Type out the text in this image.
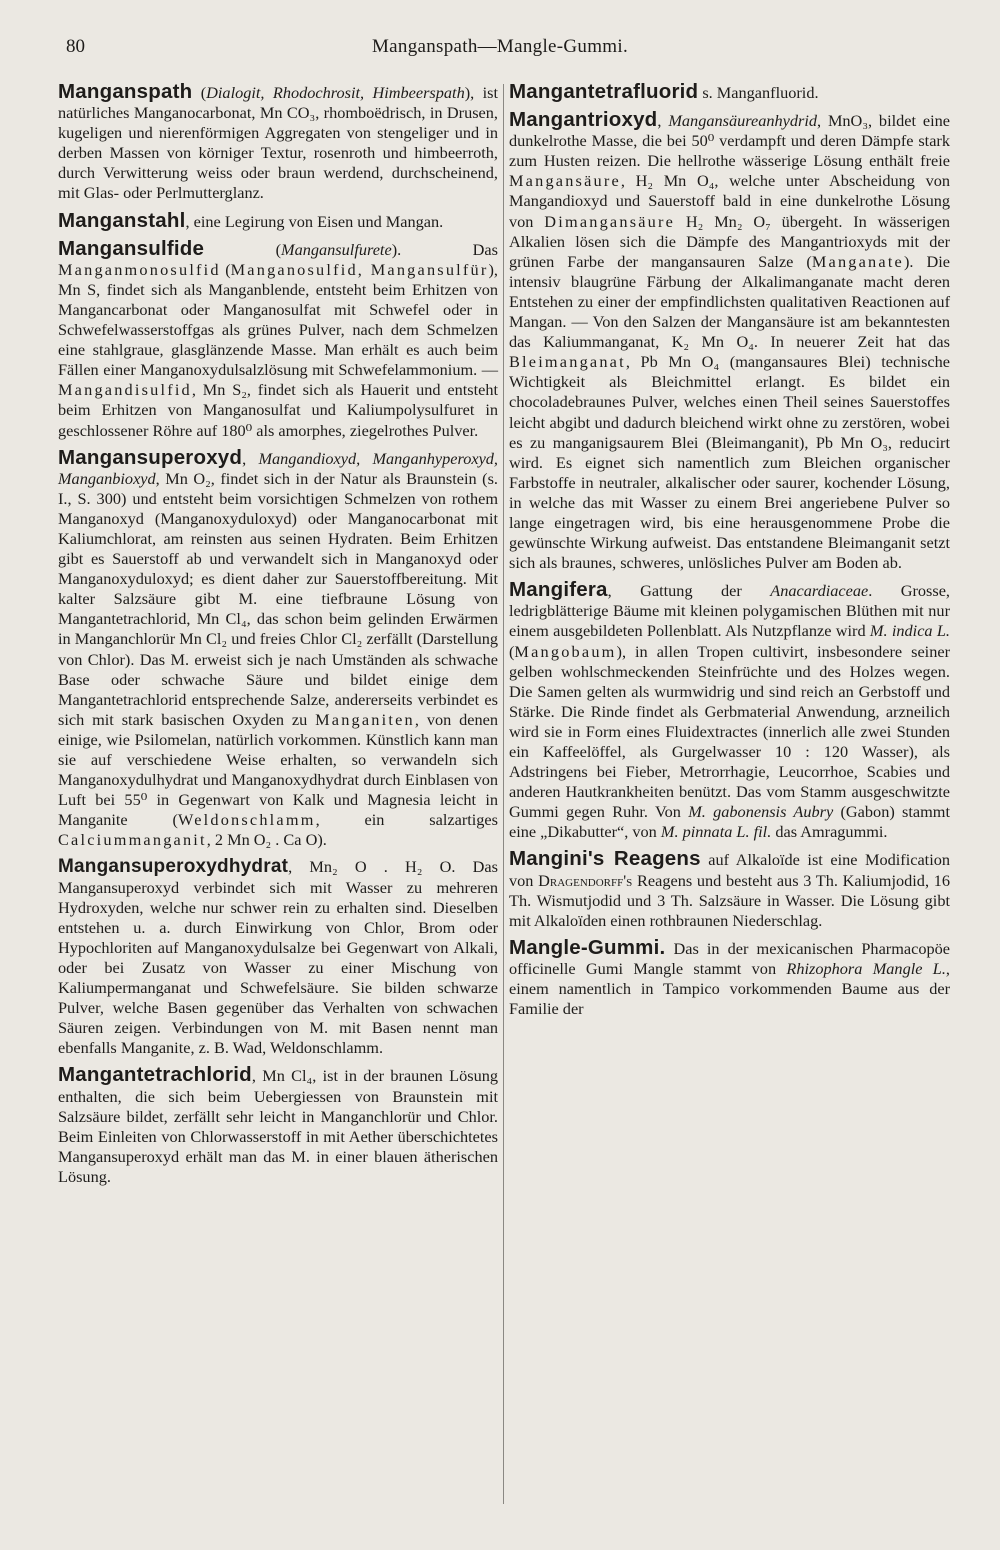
80	Manganspath—Mangle-Gummi.

Manganspath (Dialogit, Rhodochrosit, Himbeerspath), ist natürliches Manganocarbonat, Mn CO₃, rhomboëdrisch, in Drusen, kugeligen und nierenförmigen Aggregaten von stengeliger und in derben Massen von körniger Textur, rosenroth und himbeerroth, durch Verwitterung weiss oder braun werdend, durchscheinend, mit Glas- oder Perlmutterglanz.

Manganstahl, eine Legirung von Eisen und Mangan.

Mangansulfide (Mangansulfurete). Das Manganmonosulfid (Manganosulfid, Mangansulfür), Mn S, findet sich als Manganblende, entsteht beim Erhitzen von Mangancarbonat oder Manganosulfat mit Schwefel oder in Schwefelwasserstoffgas als grünes Pulver, nach dem Schmelzen eine stahlgraue, glasglänzende Masse. Man erhält es auch beim Fällen einer Manganoxydulsalzlösung mit Schwefelammonium. — Mangandisulfid, Mn S₂, findet sich als Hauerit und entsteht beim Erhitzen von Manganosulfat und Kaliumpolysulfuret in geschlossener Röhre auf 180⁰ als amorphes, ziegelrothes Pulver.

Mangansuperoxyd, Mangandioxyd, Manganhyperoxyd, Manganbioxyd, Mn O₂, findet sich in der Natur als Braunstein (s. I., S. 300) und entsteht beim vorsichtigen Schmelzen von rothem Manganoxyd (Manganoxyduloxyd) oder Manganocarbonat mit Kaliumchlorat, am reinsten aus seinen Hydraten. Beim Erhitzen gibt es Sauerstoff ab und verwandelt sich in Manganoxyd oder Manganoxyduloxyd; es dient daher zur Sauerstoffbereitung. Mit kalter Salzsäure gibt M. eine tiefbraune Lösung von Mangantetrachlorid, Mn Cl₄, das schon beim gelinden Erwärmen in Manganchlorür Mn Cl₂ und freies Chlor Cl₂ zerfällt (Darstellung von Chlor). Das M. erweist sich je nach Umständen als schwache Base oder schwache Säure und bildet einige dem Mangantetrachlorid entsprechende Salze, andererseits verbindet es sich mit stark basischen Oxyden zu Manganiten, von denen einige, wie Psilomelan, natürlich vorkommen. Künstlich kann man sie auf verschiedene Weise erhalten, so verwandeln sich Manganoxydulhydrat und Manganoxydhydrat durch Einblasen von Luft bei 55⁰ in Gegenwart von Kalk und Magnesia leicht in Manganite (Weldonschlamm, ein salzartiges Calciummanganit, 2 Mn O₂ . Ca O).

Mangansuperoxydhydrat, Mn₂ O . H₂ O. Das Mangansuperoxyd verbindet sich mit Wasser zu mehreren Hydroxyden, welche nur schwer rein zu erhalten sind. Dieselben entstehen u. a. durch Einwirkung von Chlor, Brom oder Hypochloriten auf Manganoxydulsalze bei Gegenwart von Alkali, oder bei Zusatz von Wasser zu einer Mischung von Kaliumpermanganat und Schwefelsäure. Sie bilden schwarze Pulver, welche Basen gegenüber das Verhalten von schwachen Säuren zeigen. Verbindungen von M. mit Basen nennt man ebenfalls Manganite, z. B. Wad, Weldonschlamm.

Mangantetrachlorid, Mn Cl₄, ist in der braunen Lösung enthalten, die sich beim Uebergiessen von Braunstein mit Salzsäure bildet, zerfällt sehr leicht in Manganchlorür und Chlor. Beim Einleiten von Chlorwasserstoff in mit Aether überschichtetes Mangansuperoxyd erhält man das M. in einer blauen ätherischen Lösung.

Mangantetrafluorid s. Manganfluorid.

Mangantrioxyd, Mangansäureanhydrid, MnO₃, bildet eine dunkelrothe Masse, die bei 50⁰ verdampft und deren Dämpfe stark zum Husten reizen. Die hellrothe wässerige Lösung enthält freie Mangansäure, H₂ Mn O₄, welche unter Abscheidung von Mangandioxyd und Sauerstoff bald in eine dunkelrothe Lösung von Dimangansäure H₂ Mn₂ O₇ übergeht. In wässerigen Alkalien lösen sich die Dämpfe des Mangantrioxyds mit der grünen Farbe der mangansauren Salze (Manganate). Die intensiv blaugrüne Färbung der Alkalimanganate macht deren Entstehen zu einer der empfindlichsten qualitativen Reactionen auf Mangan. — Von den Salzen der Mangansäure ist am bekanntesten das Kaliummanganat, K₂ Mn O₄. In neuerer Zeit hat das Bleimanganat, Pb Mn O₄ (mangansaures Blei) technische Wichtigkeit als Bleichmittel erlangt. Es bildet ein chocoladebraunes Pulver, welches einen Theil seines Sauerstoffes leicht abgibt und dadurch bleichend wirkt ohne zu zerstören, wobei es zu manganigsaurem Blei (Bleimanganit), Pb Mn O₃, reducirt wird. Es eignet sich namentlich zum Bleichen organischer Farbstoffe in neutraler, alkalischer oder saurer, kochender Lösung, in welche das mit Wasser zu einem Brei angeriebene Pulver so lange eingetragen wird, bis eine herausgenommene Probe die gewünschte Wirkung aufweist. Das entstandene Bleimanganit setzt sich als braunes, schweres, unlösliches Pulver am Boden ab.

Mangifera, Gattung der Anacardiaceae. Grosse, ledrigblätterige Bäume mit kleinen polygamischen Blüthen mit nur einem ausgebildeten Pollenblatt. Als Nutzpflanze wird M. indica L. (Mangobaum), in allen Tropen cultivirt, insbesondere seiner gelben wohlschmeckenden Steinfrüchte und des Holzes wegen. Die Samen gelten als wurmwidrig und sind reich an Gerbstoff und Stärke. Die Rinde findet als Gerbmaterial Anwendung, arzneilich wird sie in Form eines Fluidextractes (innerlich alle zwei Stunden ein Kaffeelöffel, als Gurgelwasser 10 : 120 Wasser), als Adstringens bei Fieber, Metrorrhagie, Leucorrhoe, Scabies und anderen Hautkrankheiten benützt. Das vom Stamm ausgeschwitzte Gummi gegen Ruhr. Von M. gabonensis Aubry (Gabon) stammt eine „Dikabutter“, von M. pinnata L. fil. das Amragummi.

Mangini's Reagens auf Alkaloïde ist eine Modification von Dragendorff's Reagens und besteht aus 3 Th. Kaliumjodid, 16 Th. Wismutjodid und 3 Th. Salzsäure in Wasser. Die Lösung gibt mit Alkaloïden einen rothbraunen Niederschlag.

Mangle-Gummi. Das in der mexicanischen Pharmacopöe officinelle Gumi Mangle stammt von Rhizophora Mangle L., einem namentlich in Tampico vorkommenden Baume aus der Familie der
